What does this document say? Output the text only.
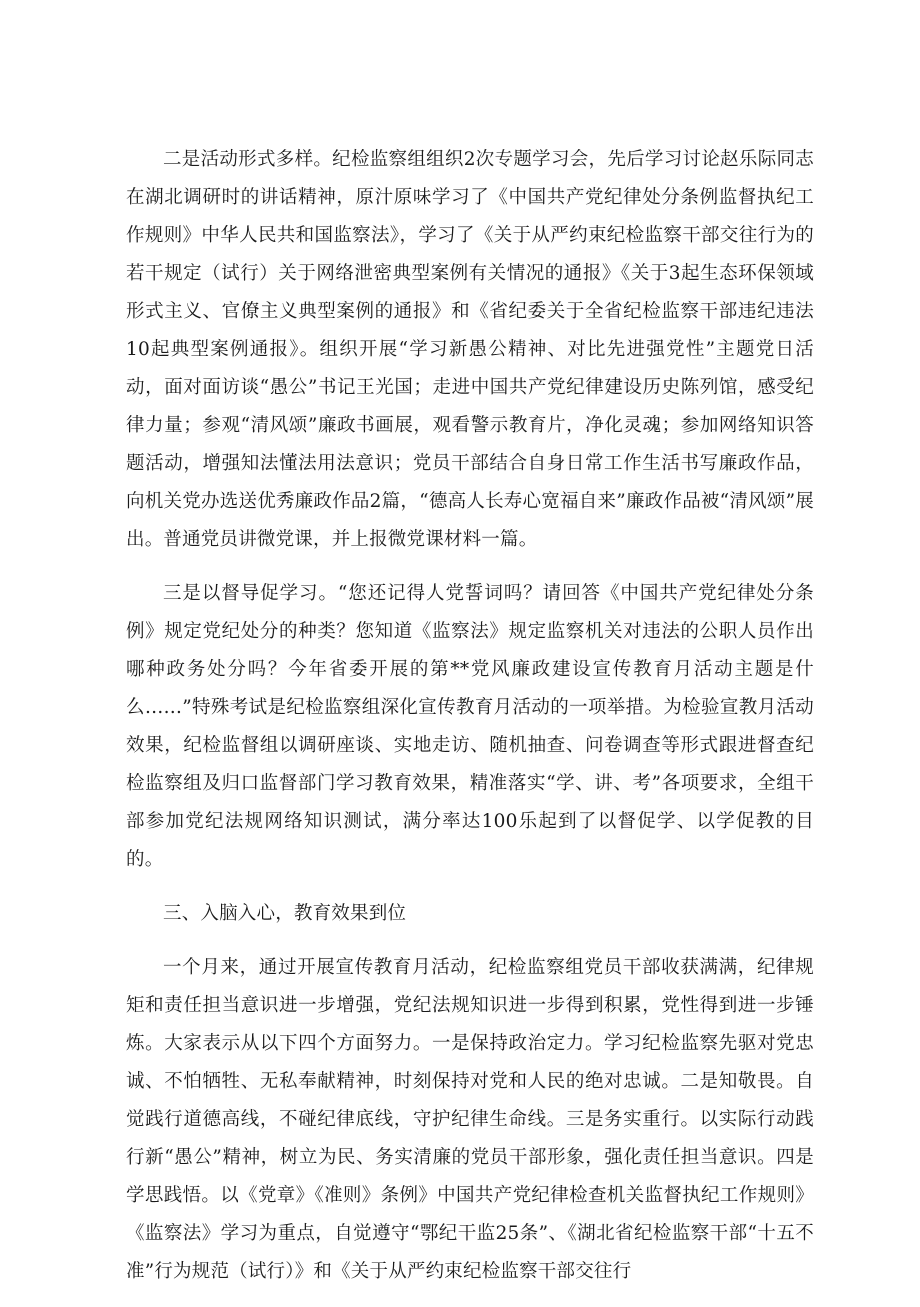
二是活动形式多样。纪检监察组组织2次专题学习会，先后学习讨论赵乐际同志在湖北调研时的讲话精神，原汁原味学习了《中国共产党纪律处分条例监督执纪工作规则》中华人民共和国监察法》，学习了《关于从严约束纪检监察干部交往行为的若干规定（试行）关于网络泄密典型案例有关情况的通报》《关于3起生态环保领域形式主义、官僚主义典型案例的通报》和《省纪委关于全省纪检监察干部违纪违法10起典型案例通报》。组织开展“学习新愚公精神、对比先进强党性”主题党日活动，面对面访谈“愚公”书记王光国；走进中国共产党纪律建设历史陈列馆，感受纪律力量；参观“清风颂”廉政书画展，观看警示教育片，净化灵魂；参加网络知识答题活动，增强知法懂法用法意识；党员干部结合自身日常工作生活书写廉政作品，向机关党办选送优秀廉政作品2篇，“德高人长寿心宽福自来”廉政作品被“清风颂”展出。普通党员讲微党课，并上报微党课材料一篇。

三是以督导促学习。“您还记得人党誓词吗？请回答《中国共产党纪律处分条例》规定党纪处分的种类？您知道《监察法》规定监察机关对违法的公职人员作出哪种政务处分吗？今年省委开展的第**党风廉政建设宣传教育月活动主题是什么……”特殊考试是纪检监察组深化宣传教育月活动的一项举措。为检验宣教月活动效果，纪检监督组以调研座谈、实地走访、随机抽查、问卷调查等形式跟进督查纪检监察组及归口监督部门学习教育效果，精准落实“学、讲、考”各项要求，全组干部参加党纪法规网络知识测试，满分率达100乐起到了以督促学、以学促教的目的。

三、入脑入心，教育效果到位

一个月来，通过开展宣传教育月活动，纪检监察组党员干部收获满满，纪律规矩和责任担当意识进一步增强，党纪法规知识进一步得到积累，党性得到进一步锤炼。大家表示从以下四个方面努力。一是保持政治定力。学习纪检监察先驱对党忠诚、不怕牺牲、无私奉献精神，时刻保持对党和人民的绝对忠诚。二是知敬畏。自觉践行道德高线，不碰纪律底线，守护纪律生命线。三是务实重行。以实际行动践行新“愚公”精神，树立为民、务实清廉的党员干部形象，强化责任担当意识。四是学思践悟。以《党章》《准则》条例》中国共产党纪律检查机关监督执纪工作规则》《监察法》学习为重点，自觉遵守“鄂纪干监25条”、《湖北省纪检监察干部“十五不准”行为规范（试行）》和《关于从严约束纪检监察干部交往行
